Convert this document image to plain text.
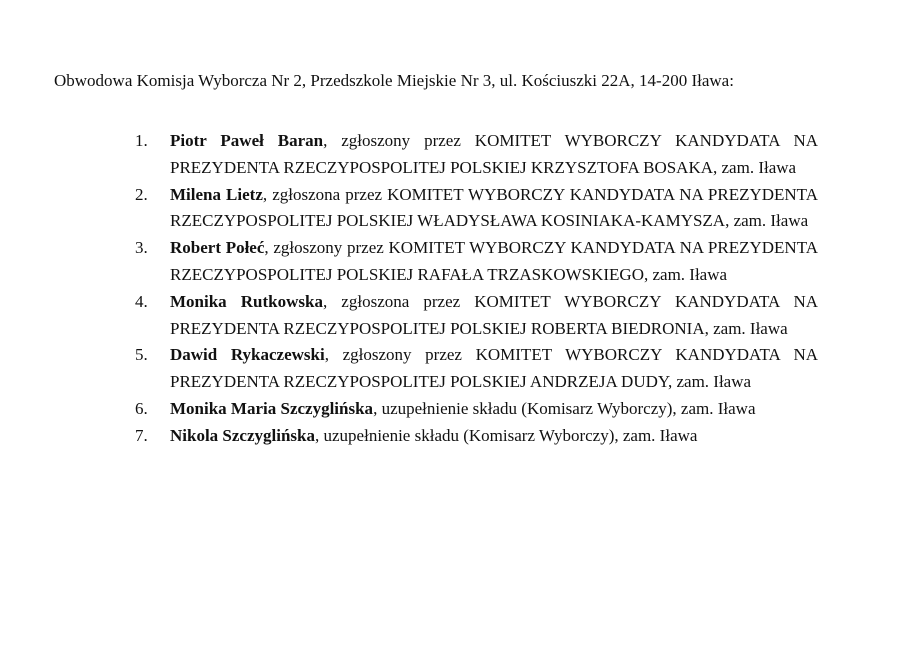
Obwodowa Komisja Wyborcza Nr 2, Przedszkole Miejskie Nr 3, ul. Kościuszki 22A, 14-200 Iława:
1. Piotr Paweł Baran, zgłoszony przez KOMITET WYBORCZY KANDYDATA NA PREZYDENTA RZECZYPOSPOLITEJ POLSKIEJ KRZYSZTOFA BOSAKA, zam. Iława
2. Milena Lietz, zgłoszona przez KOMITET WYBORCZY KANDYDATA NA PREZYDENTA RZECZYPOSPOLITEJ POLSKIEJ WŁADYSŁAWA KOSINIAKA-KAMYSZA, zam. Iława
3. Robert Połeć, zgłoszony przez KOMITET WYBORCZY KANDYDATA NA PREZYDENTA RZECZYPOSPOLITEJ POLSKIEJ RAFAŁA TRZASKOWSKIEGO, zam. Iława
4. Monika Rutkowska, zgłoszona przez KOMITET WYBORCZY KANDYDATA NA PREZYDENTA RZECZYPOSPOLITEJ POLSKIEJ ROBERTA BIEDRONIA, zam. Iława
5. Dawid Rykaczewski, zgłoszony przez KOMITET WYBORCZY KANDYDATA NA PREZYDENTA RZECZYPOSPOLITEJ POLSKIEJ ANDRZEJA DUDY, zam. Iława
6. Monika Maria Szczyglińska, uzupełnienie składu (Komisarz Wyborczy), zam. Iława
7. Nikola Szczyglińska, uzupełnienie składu (Komisarz Wyborczy), zam. Iława
